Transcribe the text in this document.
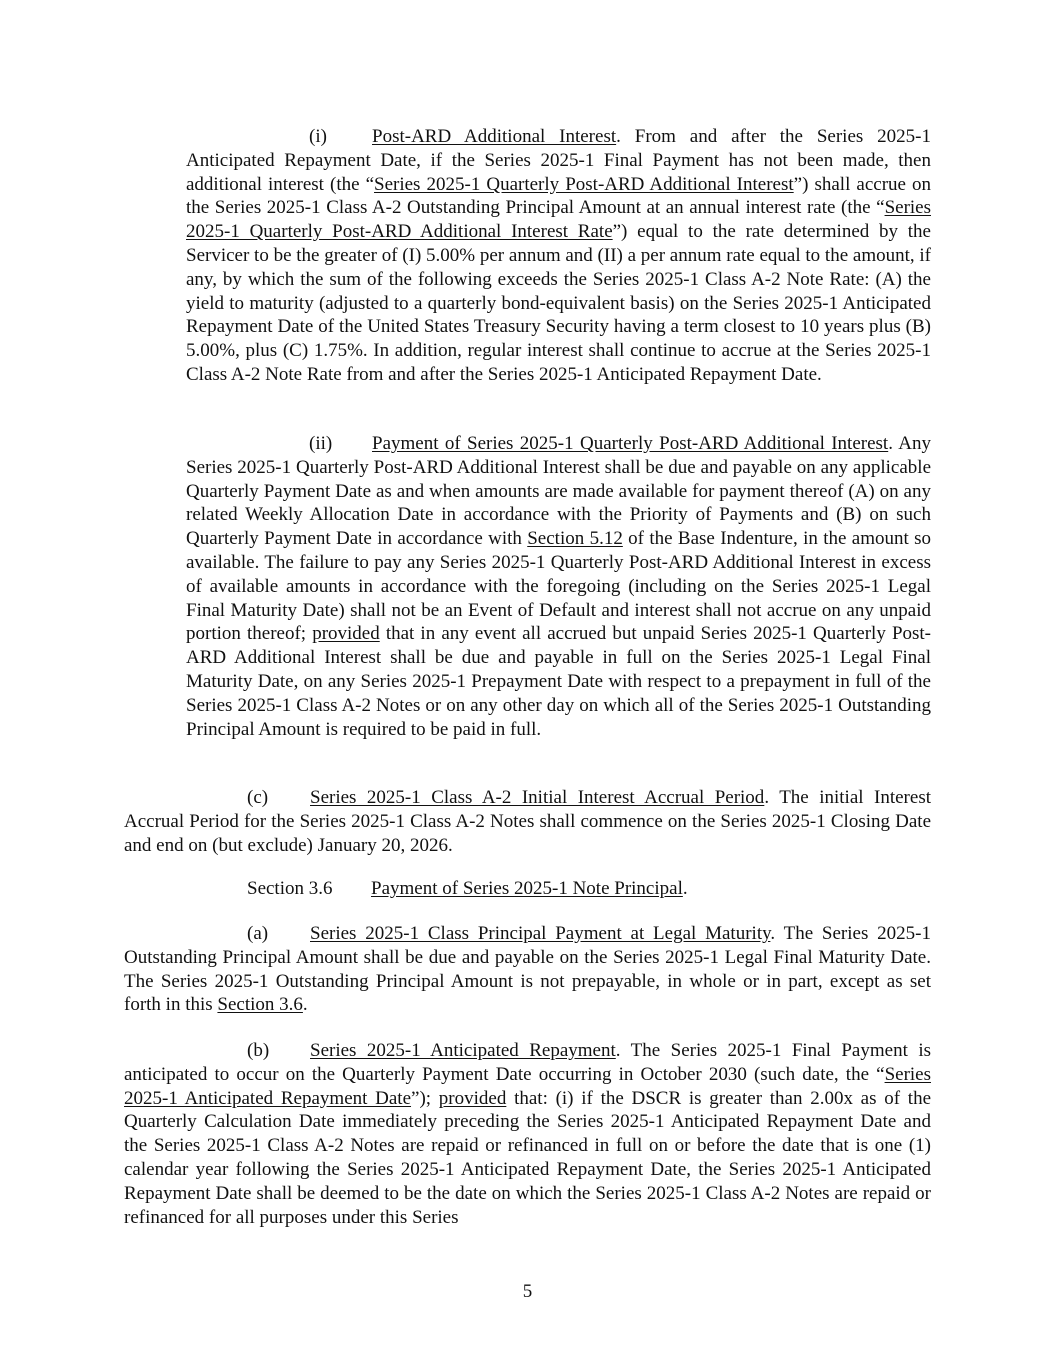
(i) Post-ARD Additional Interest. From and after the Series 2025-1 Anticipated Repayment Date, if the Series 2025-1 Final Payment has not been made, then additional interest (the “Series 2025-1 Quarterly Post-ARD Additional Interest”) shall accrue on the Series 2025-1 Class A-2 Outstanding Principal Amount at an annual interest rate (the “Series 2025-1 Quarterly Post-ARD Additional Interest Rate”) equal to the rate determined by the Servicer to be the greater of (I) 5.00% per annum and (II) a per annum rate equal to the amount, if any, by which the sum of the following exceeds the Series 2025-1 Class A-2 Note Rate: (A) the yield to maturity (adjusted to a quarterly bond-equivalent basis) on the Series 2025-1 Anticipated Repayment Date of the United States Treasury Security having a term closest to 10 years plus (B) 5.00%, plus (C) 1.75%. In addition, regular interest shall continue to accrue at the Series 2025-1 Class A-2 Note Rate from and after the Series 2025-1 Anticipated Repayment Date.

(ii) Payment of Series 2025-1 Quarterly Post-ARD Additional Interest. Any Series 2025-1 Quarterly Post-ARD Additional Interest shall be due and payable on any applicable Quarterly Payment Date as and when amounts are made available for payment thereof (A) on any related Weekly Allocation Date in accordance with the Priority of Payments and (B) on such Quarterly Payment Date in accordance with Section 5.12 of the Base Indenture, in the amount so available. The failure to pay any Series 2025-1 Quarterly Post-ARD Additional Interest in excess of available amounts in accordance with the foregoing (including on the Series 2025-1 Legal Final Maturity Date) shall not be an Event of Default and interest shall not accrue on any unpaid portion thereof; provided that in any event all accrued but unpaid Series 2025-1 Quarterly Post-ARD Additional Interest shall be due and payable in full on the Series 2025-1 Legal Final Maturity Date, on any Series 2025-1 Prepayment Date with respect to a prepayment in full of the Series 2025-1 Class A-2 Notes or on any other day on which all of the Series 2025-1 Outstanding Principal Amount is required to be paid in full.

(c) Series 2025-1 Class A-2 Initial Interest Accrual Period. The initial Interest Accrual Period for the Series 2025-1 Class A-2 Notes shall commence on the Series 2025-1 Closing Date and end on (but exclude) January 20, 2026.

Section 3.6 Payment of Series 2025-1 Note Principal.

(a) Series 2025-1 Class Principal Payment at Legal Maturity. The Series 2025-1 Outstanding Principal Amount shall be due and payable on the Series 2025-1 Legal Final Maturity Date. The Series 2025-1 Outstanding Principal Amount is not prepayable, in whole or in part, except as set forth in this Section 3.6.

(b) Series 2025-1 Anticipated Repayment. The Series 2025-1 Final Payment is anticipated to occur on the Quarterly Payment Date occurring in October 2030 (such date, the “Series 2025-1 Anticipated Repayment Date”); provided that: (i) if the DSCR is greater than 2.00x as of the Quarterly Calculation Date immediately preceding the Series 2025-1 Anticipated Repayment Date and the Series 2025-1 Class A-2 Notes are repaid or refinanced in full on or before the date that is one (1) calendar year following the Series 2025-1 Anticipated Repayment Date, the Series 2025-1 Anticipated Repayment Date shall be deemed to be the date on which the Series 2025-1 Class A-2 Notes are repaid or refinanced for all purposes under this Series

5
